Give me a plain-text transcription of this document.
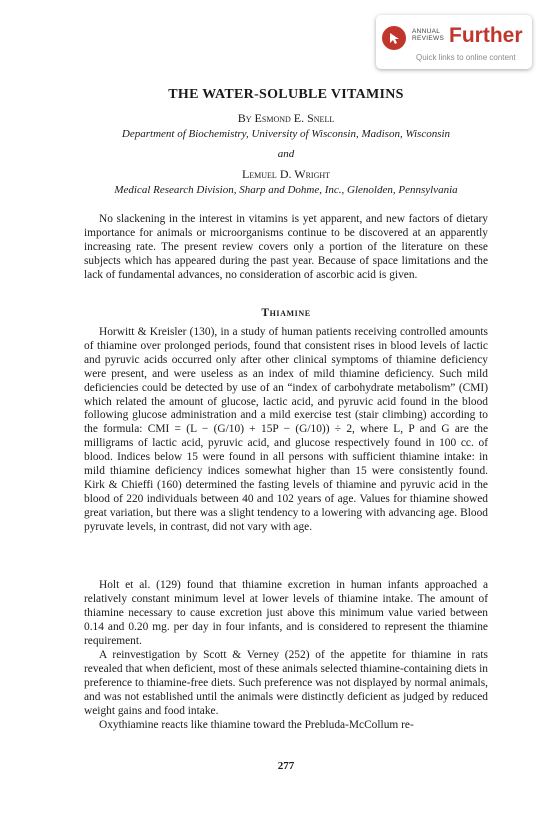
ANNUAL
REVIEWS Further
Quick links to online content
THE WATER-SOLUBLE VITAMINS
By Esmond E. Snell
Department of Biochemistry, University of Wisconsin, Madison, Wisconsin
and
Lemuel D. Wright
Medical Research Division, Sharp and Dohme, Inc., Glenolden, Pennsylvania

No slackening in the interest in vitamins is yet apparent, and new factors of dietary importance for animals or microorganisms continue to be discovered at an apparently increasing rate. The present review covers only a portion of the literature on these subjects which has appeared during the past year. Because of space limitations and the lack of fundamental advances, no consideration of ascorbic acid is given.

Thiamine

Horwitt & Kreisler (130), in a study of human patients receiving controlled amounts of thiamine over prolonged periods, found that consistent rises in blood levels of lactic and pyruvic acids occurred only after other clinical symptoms of thiamine deficiency were present, and were useless as an index of mild thiamine deficiency. Such mild deficiencies could be detected by use of an “index of carbohydrate metabolism” (CMI) which related the amount of glucose, lactic acid, and pyruvic acid found in the blood following glucose administration and a mild exercise test (stair climbing) according to the formula: CMI = (L − (G/10) + 15P − (G/10)) ÷ 2, where L, P and G are the milligrams of lactic acid, pyruvic acid, and glucose respectively found in 100 cc. of blood. Indices below 15 were found in all persons with sufficient thiamine intake: in mild thiamine deficiency indices somewhat higher than 15 were consistently found. Kirk & Chieffi (160) determined the fasting levels of thiamine and pyruvic acid in the blood of 220 individuals between 40 and 102 years of age. Values for thiamine showed great variation, but there was a slight tendency to a lowering with advancing age. Blood pyruvate levels, in contrast, did not vary with age.

Holt et al. (129) found that thiamine excretion in human infants approached a relatively constant minimum level at lower levels of thiamine intake. The amount of thiamine necessary to cause excretion just above this minimum value varied between 0.14 and 0.20 mg. per day in four infants, and is considered to represent the thiamine requirement.

A reinvestigation by Scott & Verney (252) of the appetite for thiamine in rats revealed that when deficient, most of these animals selected thiamine-containing diets in preference to thiamine-free diets. Such preference was not displayed by normal animals, and was not established until the animals were distinctly deficient as judged by reduced weight gains and food intake.

Oxythiamine reacts like thiamine toward the Prebluda-McCollum re-

277
